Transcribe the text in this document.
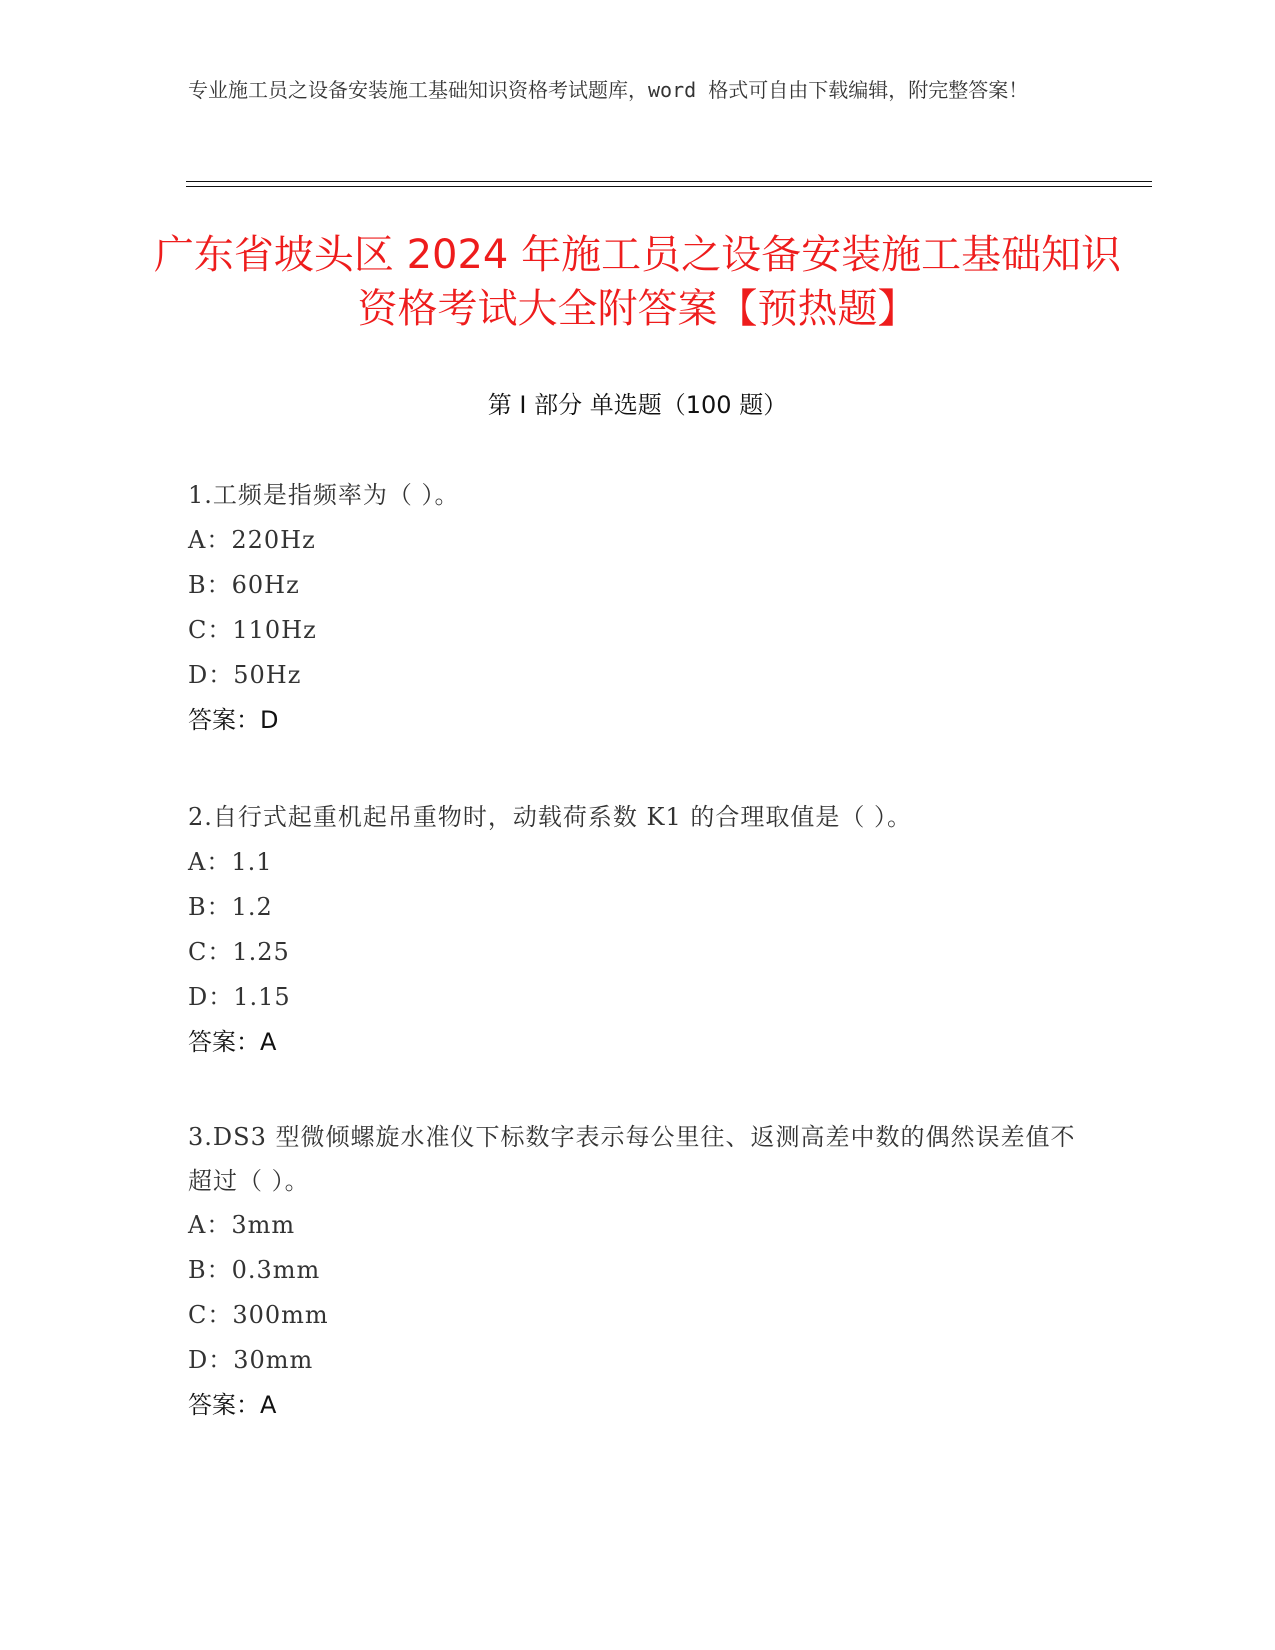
专业施工员之设备安装施工基础知识资格考试题库，word 格式可自由下载编辑，附完整答案！
广东省坡头区 2024 年施工员之设备安装施工基础知识资格考试大全附答案【预热题】
第 I 部分 单选题（100 题）
1.工频是指频率为（ ）。
A：220Hz
B：60Hz
C：110Hz
D：50Hz
答案：D
2.自行式起重机起吊重物时，动载荷系数 K1 的合理取值是（ ）。
A：1.1
B：1.2
C：1.25
D：1.15
答案：A
3.DS3 型微倾螺旋水准仪下标数字表示每公里往、返测高差中数的偶然误差值不超过（ ）。
A：3mm
B：0.3mm
C：300mm
D：30mm
答案：A
